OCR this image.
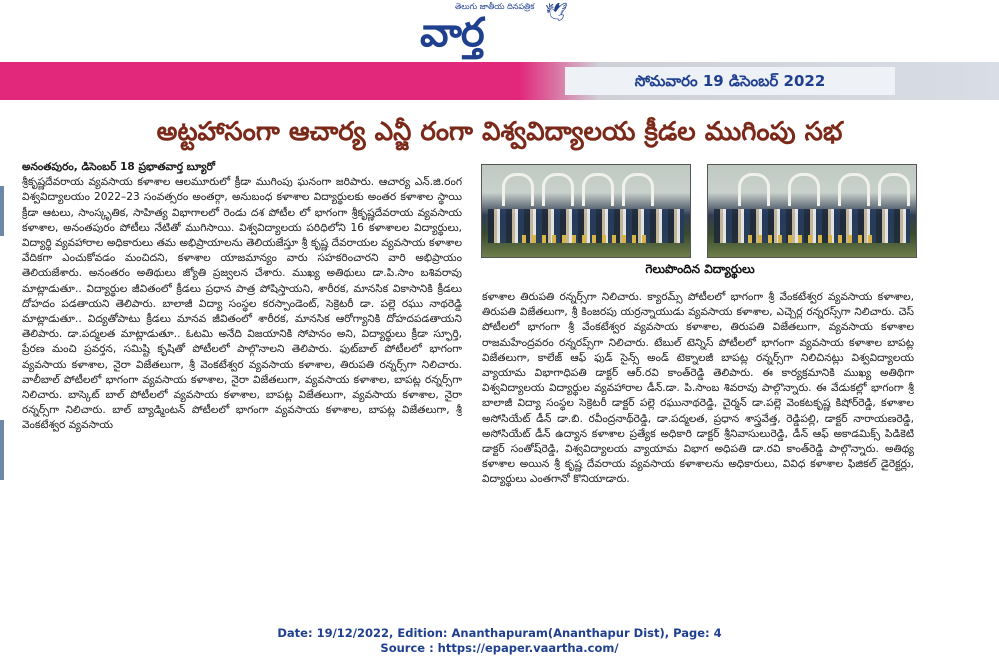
తెలుగు జాతీయ దినపత్రిక
వార్త	🕊
సోమవారం 19 డిసెంబర్ 2022
అట్టహాసంగా ఆచార్య ఎన్జీ రంగా విశ్వవిద్యాలయ క్రీడల ముగింపు సభ

అనంతపురం, డిసెంబర్ 18 ప్రభాతవార్త బ్యూరో

శ్రీకృష్ణదేవరాయ వ్యవసాయ కళాశాల ఆలమూరులో క్రీడా ముగింపు ఘనంగా జరిపారు. ఆచార్య ఎన్.జి.రంగ విశ్వవిద్యాలయం 2022–23 సంవత్సరం అంతర్గా, అనుబంధ కళాశాల విద్యార్థులకు అంతర కళాశాల స్థాయి క్రీడా ఆటలు, సాంస్కృతిక, సాహిత్య విభాగాలలో రెండు దశ పోటీల లో భాగంగా శ్రీకృష్ణదేవరాయ వ్యవసాయ కళాశాల, అనంతపురం పోటీలు నేటితో ముగిసాయి. విశ్వవిద్యాలయ పరిధిలోని 16 కళాశాలల విద్యార్థులు, విద్యార్థి వ్యవహారాల అధికారులు తమ అభిప్రాయాలను తెలియజేస్తూ శ్రీ కృష్ణ దేవరాయల వ్యవసాయ కళాశాల వేదికగా ఎంచుకోవడం మంచిదని, కళాశాల యాజమాన్యం వారు సహకరించారని వారి అభిప్రాయం తెలియజేశారు. అనంతరం అతిథులు జ్యోతి ప్రజ్వలన చేశారు. ముఖ్య అతిథులు డా.పి.సాం బశివరావు మాట్లాడుతూ.. విద్యార్థుల జీవితంలో క్రీడలు ప్రధాన పాత్ర పోషిస్తాయని, శారీరక, మానసిక వికాసానికి క్రీడలు దోహదం పడతాయని తెలిపారు. బాలాజీ విద్యా సంస్థల కరస్పాండెంట్, సెక్రెటరీ డా. పల్లె రఘు నాథరెడ్డి మాట్లాడుతూ.. విద్యతోపాటు క్రీడలు మానవ జీవితంలో శారీరక, మానసిక ఆరోగ్యానికి దోహదపడతాయని తెలిపారు. డా.పద్మలత మాట్లాడుతూ.. ఓటమి అనేది విజయానికి సోపానం అని, విద్యార్థులు క్రీడా స్ఫూర్తి, ప్రేరణ మంచి ప్రవర్తన, సమిష్టి కృషితో పోటీలలో పాల్గొనాలని తెలిపారు. ఫుట్‌బాల్ పోటీలలో భాగంగా వ్యవసాయ కళాశాల, నైరా విజేతలుగా, శ్రీ వెంకటేశ్వర వ్యవసాయ కళాశాల, తిరుపతి రన్నర్స్‌గా నిలిచారు. వాలీబాల్ పోటీలలో భాగంగా వ్యవసాయ కళాశాల, నైరా విజేతలుగా, వ్యవసాయ కళాశాల, బాపట్ల రన్నర్స్‌గా నిలిచారు. బాస్కెట్ బాల్ పోటీలలో వ్యవసాయ కళాశాల, బాపట్ల విజేతలుగా, వ్యవసాయ కళాశాల, నైరా రన్నర్స్‌గా నిలిచారు. బాల్ బ్యాడ్మింటన్ పోటీలలో భాగంగా వ్యవసాయ కళాశాల, బాపట్ల విజేతలుగా, శ్రీ వెంకటేశ్వర వ్యవసాయ

గెలుపొందిన విద్యార్థులు

కళాశాల తిరుపతి రన్నర్స్‌గా నిలిచారు. క్యారమ్స్ పోటీలలో భాగంగా శ్రీ వేంకటేశ్వర వ్యవసాయ కళాశాల, తిరుపతి విజేతలుగా, శ్రీ కింజరపు యర్రన్నాయుడు వ్యవసాయ కళాశాల, ఎచ్చెర్ల రన్నరస్స్‌గా నిలిచారు. చెస్ పోటీలలో భాగంగా శ్రీ వేంకటేశ్వర వ్యవసాయ కళాశాల, తిరుపతి విజేతలుగా, వ్యవసాయ కళాశాల రాజమహేంద్రవరం రన్నరప్స్‌గా నిలిచారు. టేబుల్ టెన్నిస్ పోటీలలో భాగంగా వ్యవసాయ కళాశాల బాపట్ల విజేతలుగా, కాలేజ్ ఆఫ్ ఫుడ్ సైన్స్ అండ్ టెక్నాలజీ బాపట్ల రన్నర్స్‌గా నిలిచినట్లు విశ్వవిద్యాలయ వ్యాయామ విభాగాధిపతి డాక్టర్ ఆర్.రవి కాంత్‌రెడ్డి తెలిపారు. ఈ కార్యక్రమానికి ముఖ్య అతిథిగా విశ్వవిద్యాలయ విద్యార్థుల వ్యవహారాల డీన్.డా. పి.సాంబ శివరావు పాల్గొన్నారు. ఈ వేడుకల్లో భాగంగా శ్రీ బాలాజీ విద్యా సంస్థల సెక్రెటరీ డాక్టర్ పల్లె రఘునాథరెడ్డి, చైర్మన్ డా.పల్లె వెంకటకృష్ణ కిషోర్‌రెడ్డి, కళాశాల అసోసియేట్ డీన్ డా.బి. రవీంద్రనాథ్‌రెడ్డి, డా.పద్మలత, ప్రధాన శాస్త్రవేత్త, రెడ్డిపల్లి, డాక్టర్ నారాయణరెడ్డి, అసోసియేట్ డీన్ ఉద్యాన కళాశాల ప్రత్యేక అధికారి డాక్టర్ శ్రీనివాసులురెడ్డి, డీన్ ఆఫ్ అకాడమిక్స్ పిడికెటి డాక్టర్ సంతోష్‌రెడ్డి, విశ్వవిద్యాలయ వ్యాయామ విభాగ అధిపతి డా.రవి కాంత్‌రెడ్డి పాల్గొన్నారు. అతిథ్య కళాశాల అయిన శ్రీ కృష్ణ దేవరాయ వ్యవసాయ కళాశాలను అధికారులు, వివిధ కళాశాల ఫిజికల్ డైరెక్టర్లు, విద్యార్థులు ఎంతగానో కొనియాడారు.

Date: 19/12/2022, Edition: Ananthapuram(Ananthapur Dist), Page: 4
Source : https://epaper.vaartha.com/
